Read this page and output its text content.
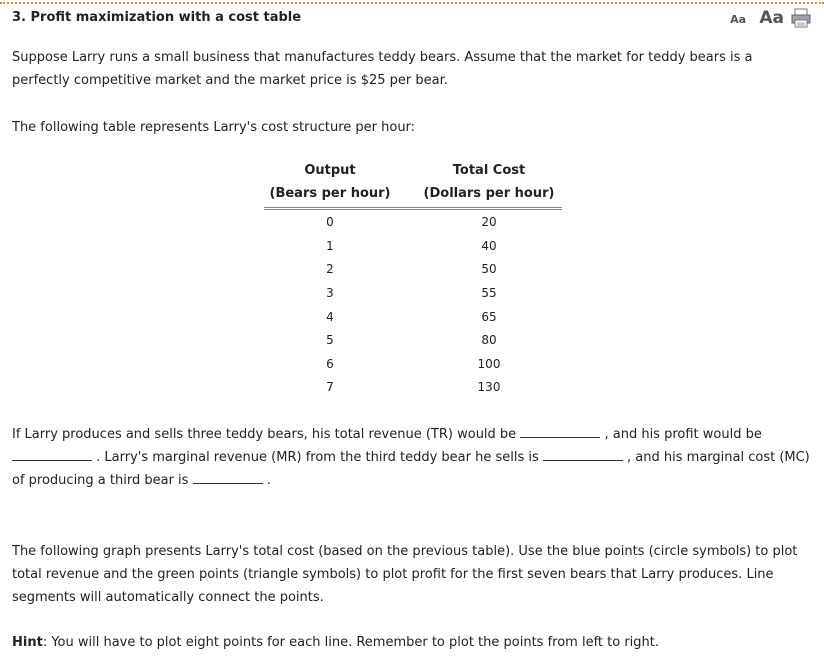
3. Profit maximization with a cost table	Aa Aa

Suppose Larry runs a small business that manufactures teddy bears. Assume that the market for teddy bears is a perfectly competitive market and the market price is $25 per bear.

The following table represents Larry's cost structure per hour:

Output	Total Cost
(Bears per hour)	(Dollars per hour)
0	20
1	40
2	50
3	55
4	65
5	80
6	100
7	130

If Larry produces and sells three teddy bears, his total revenue (TR) would be	, and his profit would be  . Larry's marginal revenue (MR) from the third teddy bear he sells is	, and his marginal cost (MC) of producing a third bear is	.

The following graph presents Larry's total cost (based on the previous table). Use the blue points (circle symbols) to plot total revenue and the green points (triangle symbols) to plot profit for the first seven bears that Larry produces. Line segments will automatically connect the points.

Hint: You will have to plot eight points for each line. Remember to plot the points from left to right.
